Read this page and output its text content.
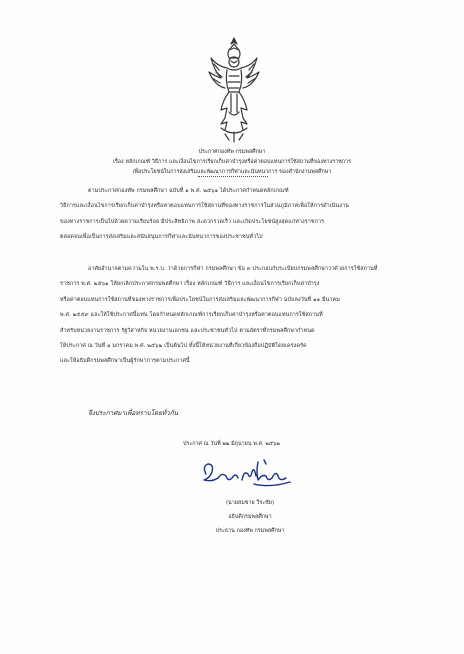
ประกาศกองทัพ กรมพลศึกษา
เรื่อง หลักเกณฑ์ วิธีการ และเงื่อนไขการเรียกเก็บค่าบำรุงหรือค่าตอบแทนการใช้สถานที่ของทางราชการ
เพื่อประโยชน์ในการส่งเสริมและพัฒนาการกีฬาและนันทนาการ ของสำนักงานพลศึกษา
ตามประกาศกองทัพ กรมพลศึกษา ฉบับที่ ๑ พ.ศ. ๒๕๖๑ ได้ประกาศกำหนดหลักเกณฑ์
วิธีการและเงื่อนไขการเรียกเก็บค่าบำรุงหรือค่าตอบแทนการใช้สถานที่ของทางราชการในส่วนภูมิภาคเพื่อให้การดำเนินงาน
ของทางราชการเป็นไปด้วยความเรียบร้อย มีประสิทธิภาพ สะดวกรวดเร็ว และเกิดประโยชน์สูงสุดแก่ทางราชการ
ตลอดจนเพื่อเป็นการส่งเสริมและสนับสนุนการกีฬาและนันทนาการของประชาชนทั่วไป
อาศัยอำนาจตามความใน พ.ร.บ. ว่าด้วยการกีฬา กรมพลศึกษา ข้อ ๓ ประกอบกับระเบียบกรมพลศึกษาว่าด้วยการใช้สถานที่
ราชการ พ.ศ. ๒๕๖๑ ให้ยกเลิกประกาศกรมพลศึกษา เรื่อง หลักเกณฑ์ วิธีการ และเงื่อนไขการเรียกเก็บค่าบำรุง
หรือค่าตอบแทนการใช้สถานที่ของทางราชการเพื่อประโยชน์ในการส่งเสริมและพัฒนาการกีฬา ฉบับลงวันที่ ๑๑ มีนาคม
พ.ศ. ๒๕๕๙ และให้ใช้ประกาศนี้แทน โดยกำหนดหลักเกณฑ์การเรียกเก็บค่าบำรุงหรือค่าตอบแทนการใช้สถานที่
สำหรับหน่วยงานราชการ รัฐวิสาหกิจ หน่วยงานเอกชน และประชาชนทั่วไป ตามอัตราที่กรมพลศึกษากำหนด
ให้ประกาศ ณ วันที่ ๑ มกราคม พ.ศ. ๒๕๖๒ เป็นต้นไป ทั้งนี้ให้หน่วยงานที่เกี่ยวข้องถือปฏิบัติโดยเคร่งครัด
และให้อธิบดีกรมพลศึกษาเป็นผู้รักษาการตามประกาศนี้
จึงประกาศมาเพื่อทราบโดยทั่วกัน
ประกาศ ณ วันที่ ๒๒ มิถุนายน พ.ศ. ๒๕๖๒
(นายสมชาย วีระชัย)
อธิบดีกรมพลศึกษา
ประธาน กองทัพ กรมพลศึกษา
